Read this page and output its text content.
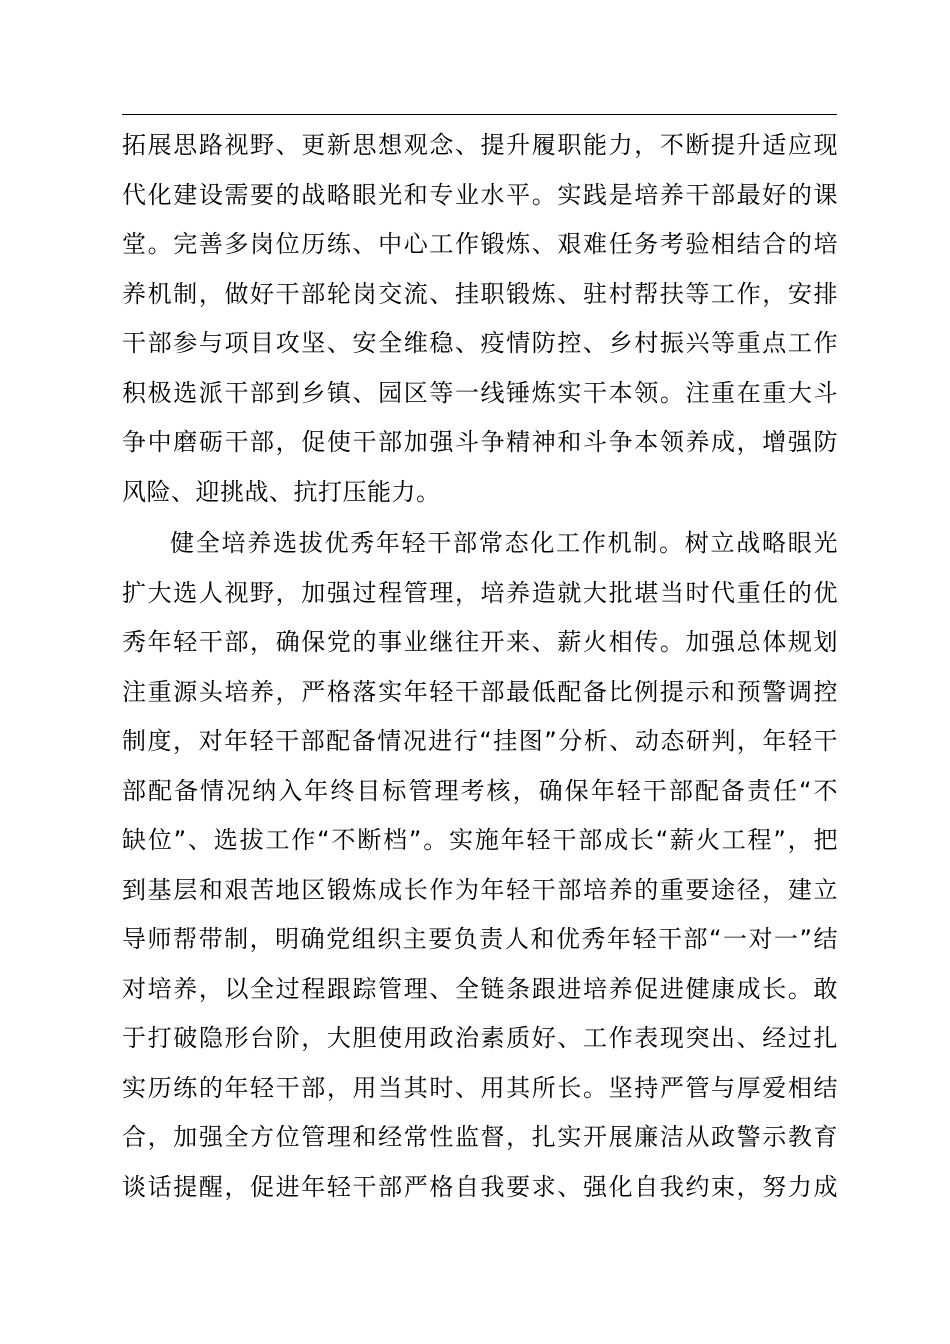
拓展思路视野、更新思想观念、提升履职能力，不断提升适应现
代化建设需要的战略眼光和专业水平。实践是培养干部最好的课
堂。完善多岗位历练、中心工作锻炼、艰难任务考验相结合的培
养机制，做好干部轮岗交流、挂职锻炼、驻村帮扶等工作，安排
干部参与项目攻坚、安全维稳、疫情防控、乡村振兴等重点工作
积极选派干部到乡镇、园区等一线锤炼实干本领。注重在重大斗
争中磨砺干部，促使干部加强斗争精神和斗争本领养成，增强防
风险、迎挑战、抗打压能力。
健全培养选拔优秀年轻干部常态化工作机制。树立战略眼光
扩大选人视野，加强过程管理，培养造就大批堪当时代重任的优
秀年轻干部，确保党的事业继往开来、薪火相传。加强总体规划
注重源头培养，严格落实年轻干部最低配备比例提示和预警调控
制度，对年轻干部配备情况进行“挂图”分析、动态研判，年轻干
部配备情况纳入年终目标管理考核，确保年轻干部配备责任“不
缺位”、选拔工作“不断档”。实施年轻干部成长“薪火工程”，把
到基层和艰苦地区锻炼成长作为年轻干部培养的重要途径，建立
导师帮带制，明确党组织主要负责人和优秀年轻干部“一对一”结
对培养，以全过程跟踪管理、全链条跟进培养促进健康成长。敢
于打破隐形台阶，大胆使用政治素质好、工作表现突出、经过扎
实历练的年轻干部，用当其时、用其所长。坚持严管与厚爱相结
合，加强全方位管理和经常性监督，扎实开展廉洁从政警示教育
谈话提醒，促进年轻干部严格自我要求、强化自我约束，努力成
